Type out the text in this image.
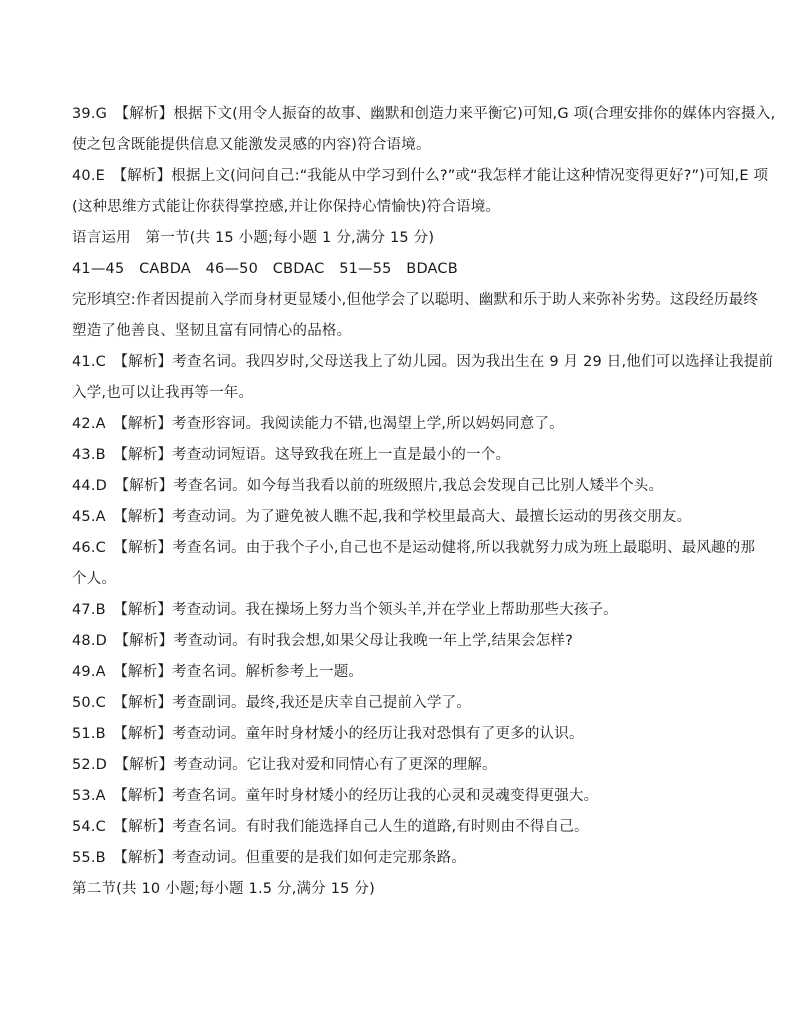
39.G　【解析】根据下文(用令人振奋的故事、幽默和创造力来平衡它)可知,G 项(合理安排你的媒体内容摄入,
使之包含既能提供信息又能激发灵感的内容)符合语境。
40.E　【解析】根据上文(问问自己:“我能从中学习到什么?”或“我怎样才能让这种情况变得更好?”)可知,E 项
(这种思维方式能让你获得掌控感,并让你保持心情愉快)符合语境。
语言运用　第一节(共 15 小题;每小题 1 分,满分 15 分)
41—45　CABDA　46—50　CBDAC　51—55　BDACB
完形填空:作者因提前入学而身材更显矮小,但他学会了以聪明、幽默和乐于助人来弥补劣势。这段经历最终
塑造了他善良、坚韧且富有同情心的品格。
41.C　【解析】考查名词。我四岁时,父母送我上了幼儿园。因为我出生在 9 月 29 日,他们可以选择让我提前
入学,也可以让我再等一年。
42.A　【解析】考查形容词。我阅读能力不错,也渴望上学,所以妈妈同意了。
43.B　【解析】考查动词短语。这导致我在班上一直是最小的一个。
44.D　【解析】考查名词。如今每当我看以前的班级照片,我总会发现自己比别人矮半个头。
45.A　【解析】考查动词。为了避免被人瞧不起,我和学校里最高大、最擅长运动的男孩交朋友。
46.C　【解析】考查名词。由于我个子小,自己也不是运动健将,所以我就努力成为班上最聪明、最风趣的那
个人。
47.B　【解析】考查动词。我在操场上努力当个领头羊,并在学业上帮助那些大孩子。
48.D　【解析】考查动词。有时我会想,如果父母让我晚一年上学,结果会怎样?
49.A　【解析】考查名词。解析参考上一题。
50.C　【解析】考查副词。最终,我还是庆幸自己提前入学了。
51.B　【解析】考查动词。童年时身材矮小的经历让我对恐惧有了更多的认识。
52.D　【解析】考查动词。它让我对爱和同情心有了更深的理解。
53.A　【解析】考查名词。童年时身材矮小的经历让我的心灵和灵魂变得更强大。
54.C　【解析】考查名词。有时我们能选择自己人生的道路,有时则由不得自己。
55.B　【解析】考查动词。但重要的是我们如何走完那条路。
第二节(共 10 小题;每小题 1.5 分,满分 15 分)
